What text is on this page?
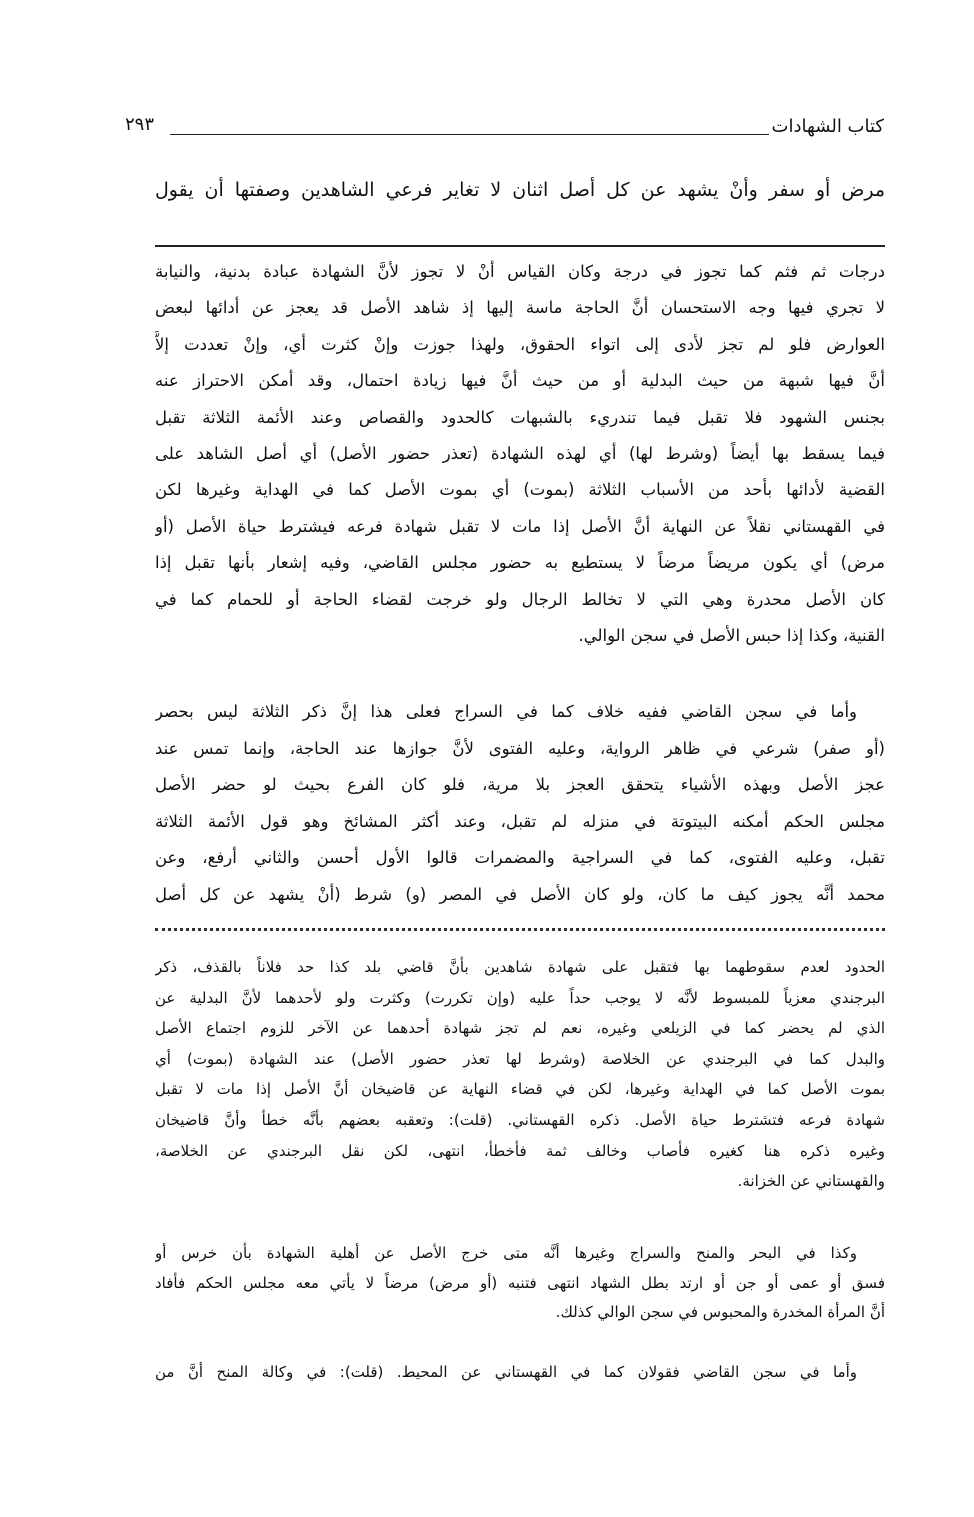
كتاب الشهادات
٢٩٣
مرض أو سفر وأنْ يشهد عن كل أصل اثنان لا تغاير فرعي الشاهدين وصفتها أن يقول
درجات ثم فثم كما تجوز في درجة وكان القياس أنْ لا تجوز لأنَّ الشهادة عبادة بدنية، والنيابة
لا تجري فيها وجه الاستحسان أنَّ الحاجة ماسة إليها إذ شاهد الأصل قد يعجز عن أدائها لبعض
العوارض فلو لم تجز لأدى إلى اتواء الحقوق، ولهذا جوزت وإنْ كثرت أي، وإنْ تعددت إلاَّ
أنَّ فيها شبهة من حيث البدلية أو من حيث أنَّ فيها زيادة احتمال، وقد أمكن الاحتراز عنه
بجنس الشهود فلا تقبل فيما تندريء بالشبهات كالحدود والقصاص وعند الأئمة الثلاثة تقبل
فيما يسقط بها أيضاً (وشرط لها) أي لهذه الشهادة (تعذر حضور الأصل) أي أصل الشاهد على
القضية لأدائها بأحد من الأسباب الثلاثة (بموت) أي بموت الأصل كما في الهداية وغيرها لكن
في القهستاني نقلاً عن النهاية أنَّ الأصل إذا مات لا تقبل شهادة فرعه فيشترط حياة الأصل (أو
مرض) أي يكون مريضاً مرضاً لا يستطيع به حضور مجلس القاضي، وفيه إشعار بأنها تقبل إذا
كان الأصل محدرة وهي التي لا تخالط الرجال ولو خرجت لقضاء الحاجة أو للحمام كما في
القنية، وكذا إذا حبس الأصل في سجن الوالي.
وأما في سجن القاضي ففيه خلاف كما في السراج فعلى هذا إنَّ ذكر الثلاثة ليس بحصر
(أو صفر) شرعي في ظاهر الرواية، وعليه الفتوى لأنَّ جوازها عند الحاجة، وإنما تمس عند
عجز الأصل وبهذه الأشياء يتحقق العجز بلا مرية، فلو كان الفرع بحيث لو حضر الأصل
مجلس الحكم أمكنه البيتوتة في منزله لم تقبل، وعند أكثر المشائخ وهو قول الأئمة الثلاثة
تقبل، وعليه الفتوى، كما في السراجية والمضمرات قالوا الأول أحسن والثاني أرفع، وعن
محمد أنَّه يجوز كيف ما كان، ولو كان الأصل في المصر (و) شرط (أنْ يشهد عن كل أصل
الحدود لعدم سقوطهما بها فتقبل على شهادة شاهدين بأنَّ قاضي بلد كذا حد فلاناً بالقذف، ذكر
البرجندي معزياً للمبسوط لأنَّه لا يوجب حداً عليه (وإن تكررت) وكثرت ولو لأحدهما لأنَّ البدلية عن
الذي لم يحضر كما في الزيلعي وغيره، نعم لم تجز شهادة أحدهما عن الآخر للزوم اجتماع الأصل
والبدل كما في البرجندي عن الخلاصة (وشرط لها تعذر حضور الأصل) عند الشهادة (بموت) أي
بموت الأصل كما في الهداية وغيرها، لكن في قضاء النهاية عن قاضيخان أنَّ الأصل إذا مات لا تقبل
شهادة فرعه فتشترط حياة الأصل. ذكره القهستاني. (قلت): وتعقبه بعضهم بأنَّه خطأ وأنَّ قاضيخان
وغيره ذكره هنا كغيره فأصاب وخالف ثمة فأخطأ، انتهى، لكن نقل البرجندي عن الخلاصة،
والقهستاني عن الخزانة.
وكذا في البحر والمنح والسراج وغيرها أنَّه متى خرج الأصل عن أهلية الشهادة بأن خرس أو
فسق أو عمى أو جن أو ارتد بطل الشهاد انتهى فتنبه (أو مرض) مرضاً لا يأتي معه مجلس الحكم فأفاد
أنَّ المرأة المخدرة والمحبوس في سجن الوالي كذلك.
وأما في سجن القاضي فقولان كما في القهستاني عن المحيط. (قلت): في وكالة المنح أنَّ من
